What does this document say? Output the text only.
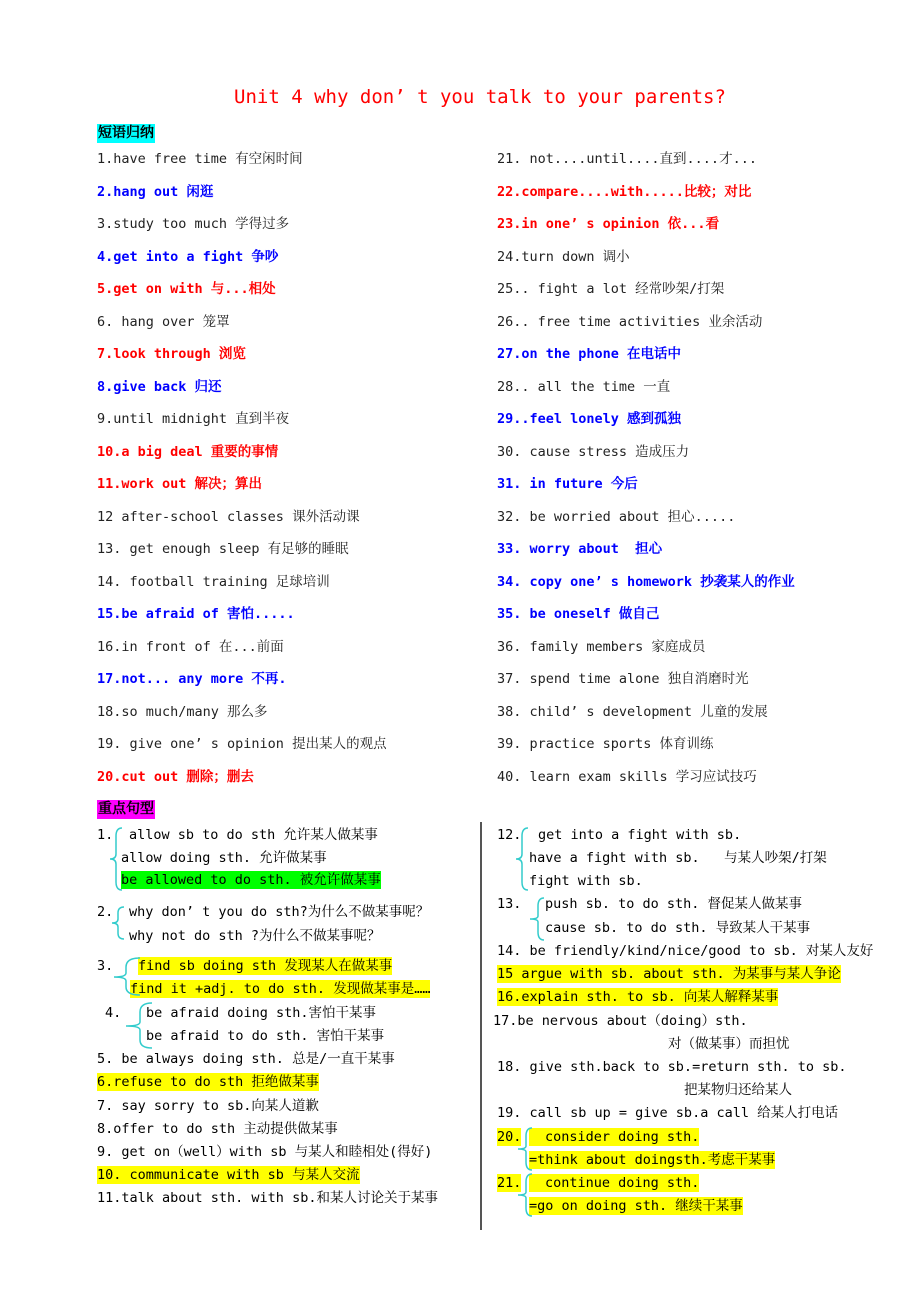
Unit 4 why don’ t you talk to your parents?
短语归纳
1.have free time 有空闲时间
2.hang out 闲逛
3.study too much 学得过多
4.get into a fight 争吵
5.get on with 与...相处
6. hang over 笼罩
7.look through 浏览
8.give back 归还
9.until midnight 直到半夜
10.a big deal 重要的事情
11.work out 解决；算出
12 after-school classes 课外活动课
13. get enough sleep 有足够的睡眠
14. football training 足球培训
15.be afraid of 害怕.....
16.in front of 在...前面
17.not... any more 不再.
18.so much/many 那么多
19. give one’ s opinion 提出某人的观点
20.cut out 删除；删去
21. not....until....直到....才...
22.compare....with.....比较；对比
23.in one’ s opinion 依...看
24.turn down 调小
25.. fight a lot 经常吵架/打架
26.. free time activities 业余活动
27.on the phone 在电话中
28.. all the time 一直
29..feel lonely 感到孤独
30. cause stress 造成压力
31. in future 今后
32. be worried about 担心.....
33. worry about  担心
34. copy one’ s homework 抄袭某人的作业
35. be oneself 做自己
36. family members 家庭成员
37. spend time alone 独自消磨时光
38. child’ s development 儿童的发展
39. practice sports 体育训练
40. learn exam skills 学习应试技巧
重点句型
1. allow sb to do sth 允许某人做某事
allow doing sth. 允许做某事
be allowed to do sth. 被允许做某事
2. why don’ t you do sth?为什么不做某事呢？
why not do sth ?为什么不做某事呢？
3. find sb doing sth 发现某人在做某事
find it +adj. to do sth. 发现做某事是……
4. be afraid doing sth.害怕干某事
be afraid to do sth. 害怕干某事
5. be always doing sth. 总是/一直干某事
6.refuse to do sth 拒绝做某事
7. say sorry to sb.向某人道歉
8.offer to do sth 主动提供做某事
9. get on（well）with sb 与某人和睦相处(得好)
10. communicate with sb 与某人交流
11.talk about sth. with sb.和某人讨论关于某事
12. get into a fight with sb.
have a fight with sb.   与某人吵架/打架
fight with sb.
13. push sb. to do sth. 督促某人做某事
cause sb. to do sth. 导致某人干某事
14. be friendly/kind/nice/good to sb. 对某人友好
15 argue with sb. about sth. 为某事与某人争论
16.explain sth. to sb. 向某人解释某事
17.be nervous about（doing）sth.
对（做某事）而担忧
18. give sth.back to sb.=return sth. to sb.
把某物归还给某人
19. call sb up = give sb.a call 给某人打电话
20.	consider doing sth.
=think about doingsth.考虑干某事
21.	continue doing sth.
=go on doing sth. 继续干某事
